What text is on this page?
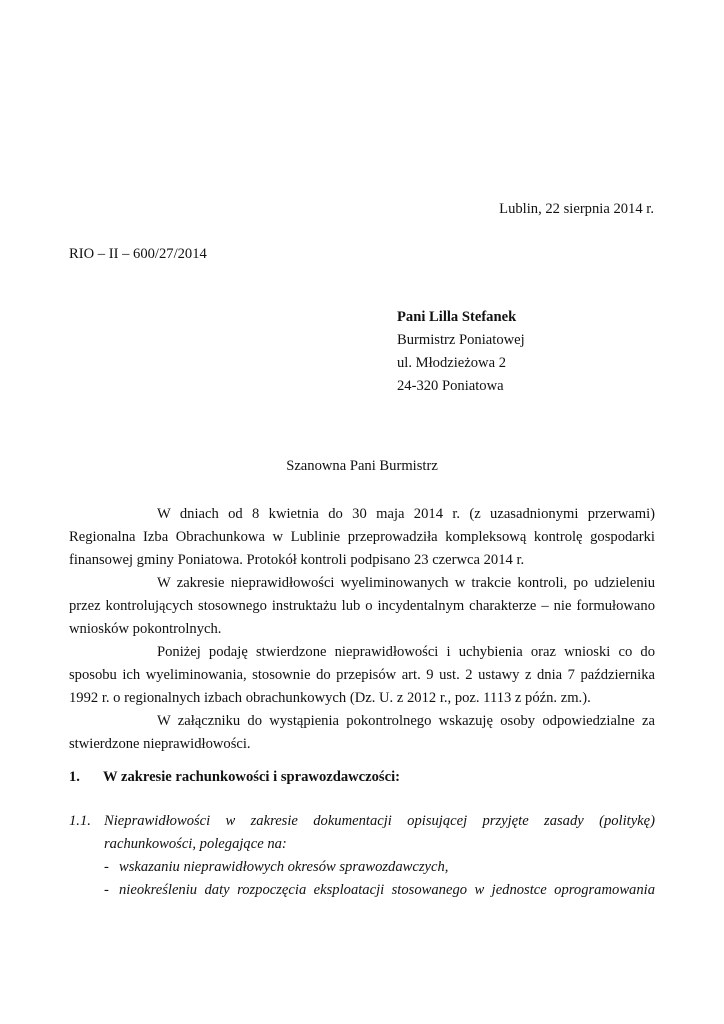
Lublin, 22 sierpnia 2014 r.
RIO – II – 600/27/2014
Pani Lilla Stefanek
Burmistrz Poniatowej
ul. Młodzieżowa 2
24-320 Poniatowa
Szanowna Pani Burmistrz

W dniach od 8 kwietnia do 30 maja 2014 r. (z uzasadnionymi przerwami) Regionalna Izba Obrachunkowa w Lublinie przeprowadziła kompleksową kontrolę gospodarki finansowej gminy Poniatowa. Protokół kontroli podpisano 23 czerwca 2014 r.

W zakresie nieprawidłowości wyeliminowanych w trakcie kontroli, po udzieleniu przez kontrolujących stosownego instruktażu lub o incydentalnym charakterze – nie formułowano wniosków pokontrolnych.

Poniżej podaję stwierdzone nieprawidłowości i uchybienia oraz wnioski co do sposobu ich wyeliminowania, stosownie do przepisów art. 9 ust. 2 ustawy z dnia 7 października 1992 r. o regionalnych izbach obrachunkowych (Dz. U. z 2012 r., poz. 1113 z późn. zm.).

W załączniku do wystąpienia pokontrolnego wskazuję osoby odpowiedzialne za stwierdzone nieprawidłowości.

1. W zakresie rachunkowości i sprawozdawczości:
1.1. Nieprawidłowości w zakresie dokumentacji opisującej przyjęte zasady (politykę) rachunkowości, polegające na:
- wskazaniu nieprawidłowych okresów sprawozdawczych,
- nieokreśleniu daty rozpoczęcia eksploatacji stosowanego w jednostce oprogramowania
